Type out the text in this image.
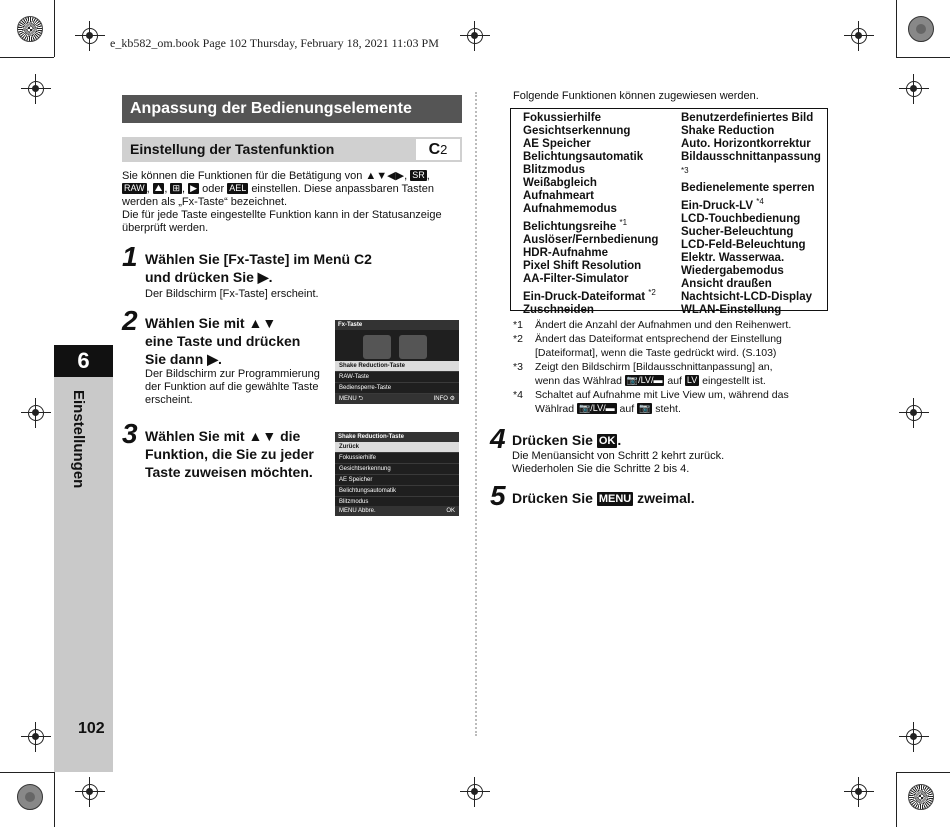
e_kb582_om.book Page 102 Thursday, February 18, 2021 11:03 PM
6
Einstellungen
102
Anpassung der Bedienungselemente
Einstellung der Tastenfunktion	C2
Sie können die Funktionen für die Betätigung von ▲▼◀▶, SR ,
RAW , ⛰ , ⊞ , ▶ oder AEL einstellen. Diese anpassbaren Tasten
werden als „Fx-Taste“ bezeichnet.
Die für jede Taste eingestellte Funktion kann in der Statusanzeige
überprüft werden.
1 Wählen Sie [Fx-Taste] im Menü C2
und drücken Sie ▶.
Der Bildschirm [Fx-Taste] erscheint.
2 Wählen Sie mit ▲▼
eine Taste und drücken
Sie dann ▶.
Der Bildschirm zur Programmierung
der Funktion auf die gewählte Taste
erscheint.
Fx-Taste
Shake Reduction-Taste
RAW-Taste
Bediensperre-Taste
MENU ⮌	INFO ⚙
3 Wählen Sie mit ▲▼ die
Funktion, die Sie zu jeder
Taste zuweisen möchten.
Shake Reduction-Taste
Zurück
Fokussierhilfe
Gesichtserkennung
AE Speicher
Belichtungsautomatik
Blitzmodus
MENU Abbre.	OK
Folgende Funktionen können zugewiesen werden.
Fokussierhilfe
Gesichtserkennung
AE Speicher
Belichtungsautomatik
Blitzmodus
Weißabgleich
Aufnahmeart
Aufnahmemodus
Belichtungsreihe $^{*1}$
Auslöser/Fernbedienung
HDR-Aufnahme
Pixel Shift Resolution
AA-Filter-Simulator
Ein-Druck-Dateiformat $^{*2}$
Zuschneiden
Benutzerdefiniertes Bild
Shake Reduction
Auto. Horizontkorrektur
Bildausschnittanpassung $^{*3}$
Bedienelemente sperren
Ein-Druck-LV $^{*4}$
LCD-Touchbedienung
Sucher-Beleuchtung
LCD-Feld-Beleuchtung
Elektr. Wasserwaa.
Wiedergabemodus
Ansicht draußen
Nachtsicht-LCD-Display
WLAN-Einstellung
*1 Ändert die Anzahl der Aufnahmen und den Reihenwert.
*2 Ändert das Dateiformat entsprechend der Einstellung
[Dateiformat], wenn die Taste gedrückt wird. (S.103)
*3 Zeigt den Bildschirm [Bildausschnittanpassung] an,
wenn das Wählrad 📷/LV/▬ auf LV eingestellt ist.
*4 Schaltet auf Aufnahme mit Live View um, während das
Wählrad 📷/LV/▬ auf 📷 steht.
4 Drücken Sie OK .
Die Menüansicht von Schritt 2 kehrt zurück.
Wiederholen Sie die Schritte 2 bis 4.
5 Drücken Sie MENU zweimal.
